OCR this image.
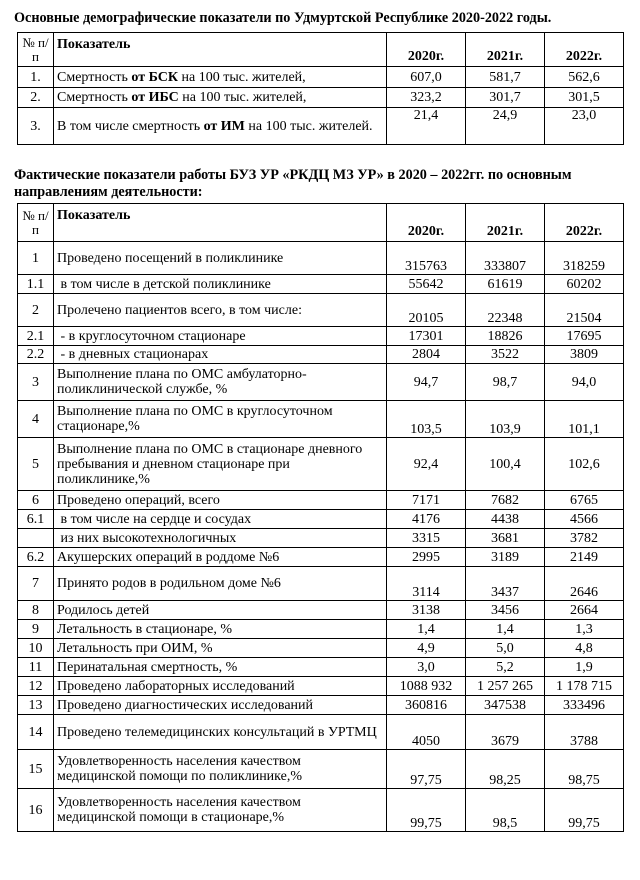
Основные демографические показатели по Удмуртской Республике 2020-2022 годы.

№ п/п	Показатель	2020г.	2021г.	2022г.
1.	Смертность от БСК на 100 тыс. жителей,	607,0	581,7	562,6
2.	Смертность от ИБС на 100 тыс. жителей,	323,2	301,7	301,5
3.	В том числе смертность от ИМ на 100 тыс. жителей.	21,4	24,9	23,0

Фактические показатели работы БУЗ УР «РКДЦ МЗ УР» в 2020 – 2022гг. по основным направлениям деятельности:

№ п/п	Показатель	2020г.	2021г.	2022г.
1	Проведено посещений в поликлинике	315763	333807	318259
1.1	в том числе в детской поликлинике	55642	61619	60202
2	Пролечено пациентов всего, в том числе:	20105	22348	21504
2.1	- в круглосуточном стационаре	17301	18826	17695
2.2	- в дневных стационарах	2804	3522	3809
3	Выполнение плана по ОМС амбулаторно-поликлинической службе, %	94,7	98,7	94,0
4	Выполнение плана по ОМС в круглосуточном стационаре,%	103,5	103,9	101,1
5	Выполнение плана по ОМС в стационаре дневного пребывания и дневном стационаре при поликлинике,%	92,4	100,4	102,6
6	Проведено операций, всего	7171	7682	6765
6.1	в том числе на сердце и сосудах	4176	4438	4566
	из них высокотехнологичных	3315	3681	3782
6.2	Акушерских операций в роддоме №6	2995	3189	2149
7	Принято родов в родильном доме №6	3114	3437	2646
8	Родилось детей	3138	3456	2664
9	Летальность в стационаре, %	1,4	1,4	1,3
10	Летальность при ОИМ, %	4,9	5,0	4,8
11	Перинатальная смертность, %	3,0	5,2	1,9
12	Проведено лабораторных исследований	1088 932	1 257 265	1 178 715
13	Проведено диагностических исследований	360816	347538	333496
14	Проведено телемедицинских консультаций в УРТМЦ	4050	3679	3788
15	Удовлетворенность населения качеством медицинской помощи по поликлинике,%	97,75	98,25	98,75
16	Удовлетворенность населения качеством медицинской помощи в стационаре,%	99,75	98,5	99,75
